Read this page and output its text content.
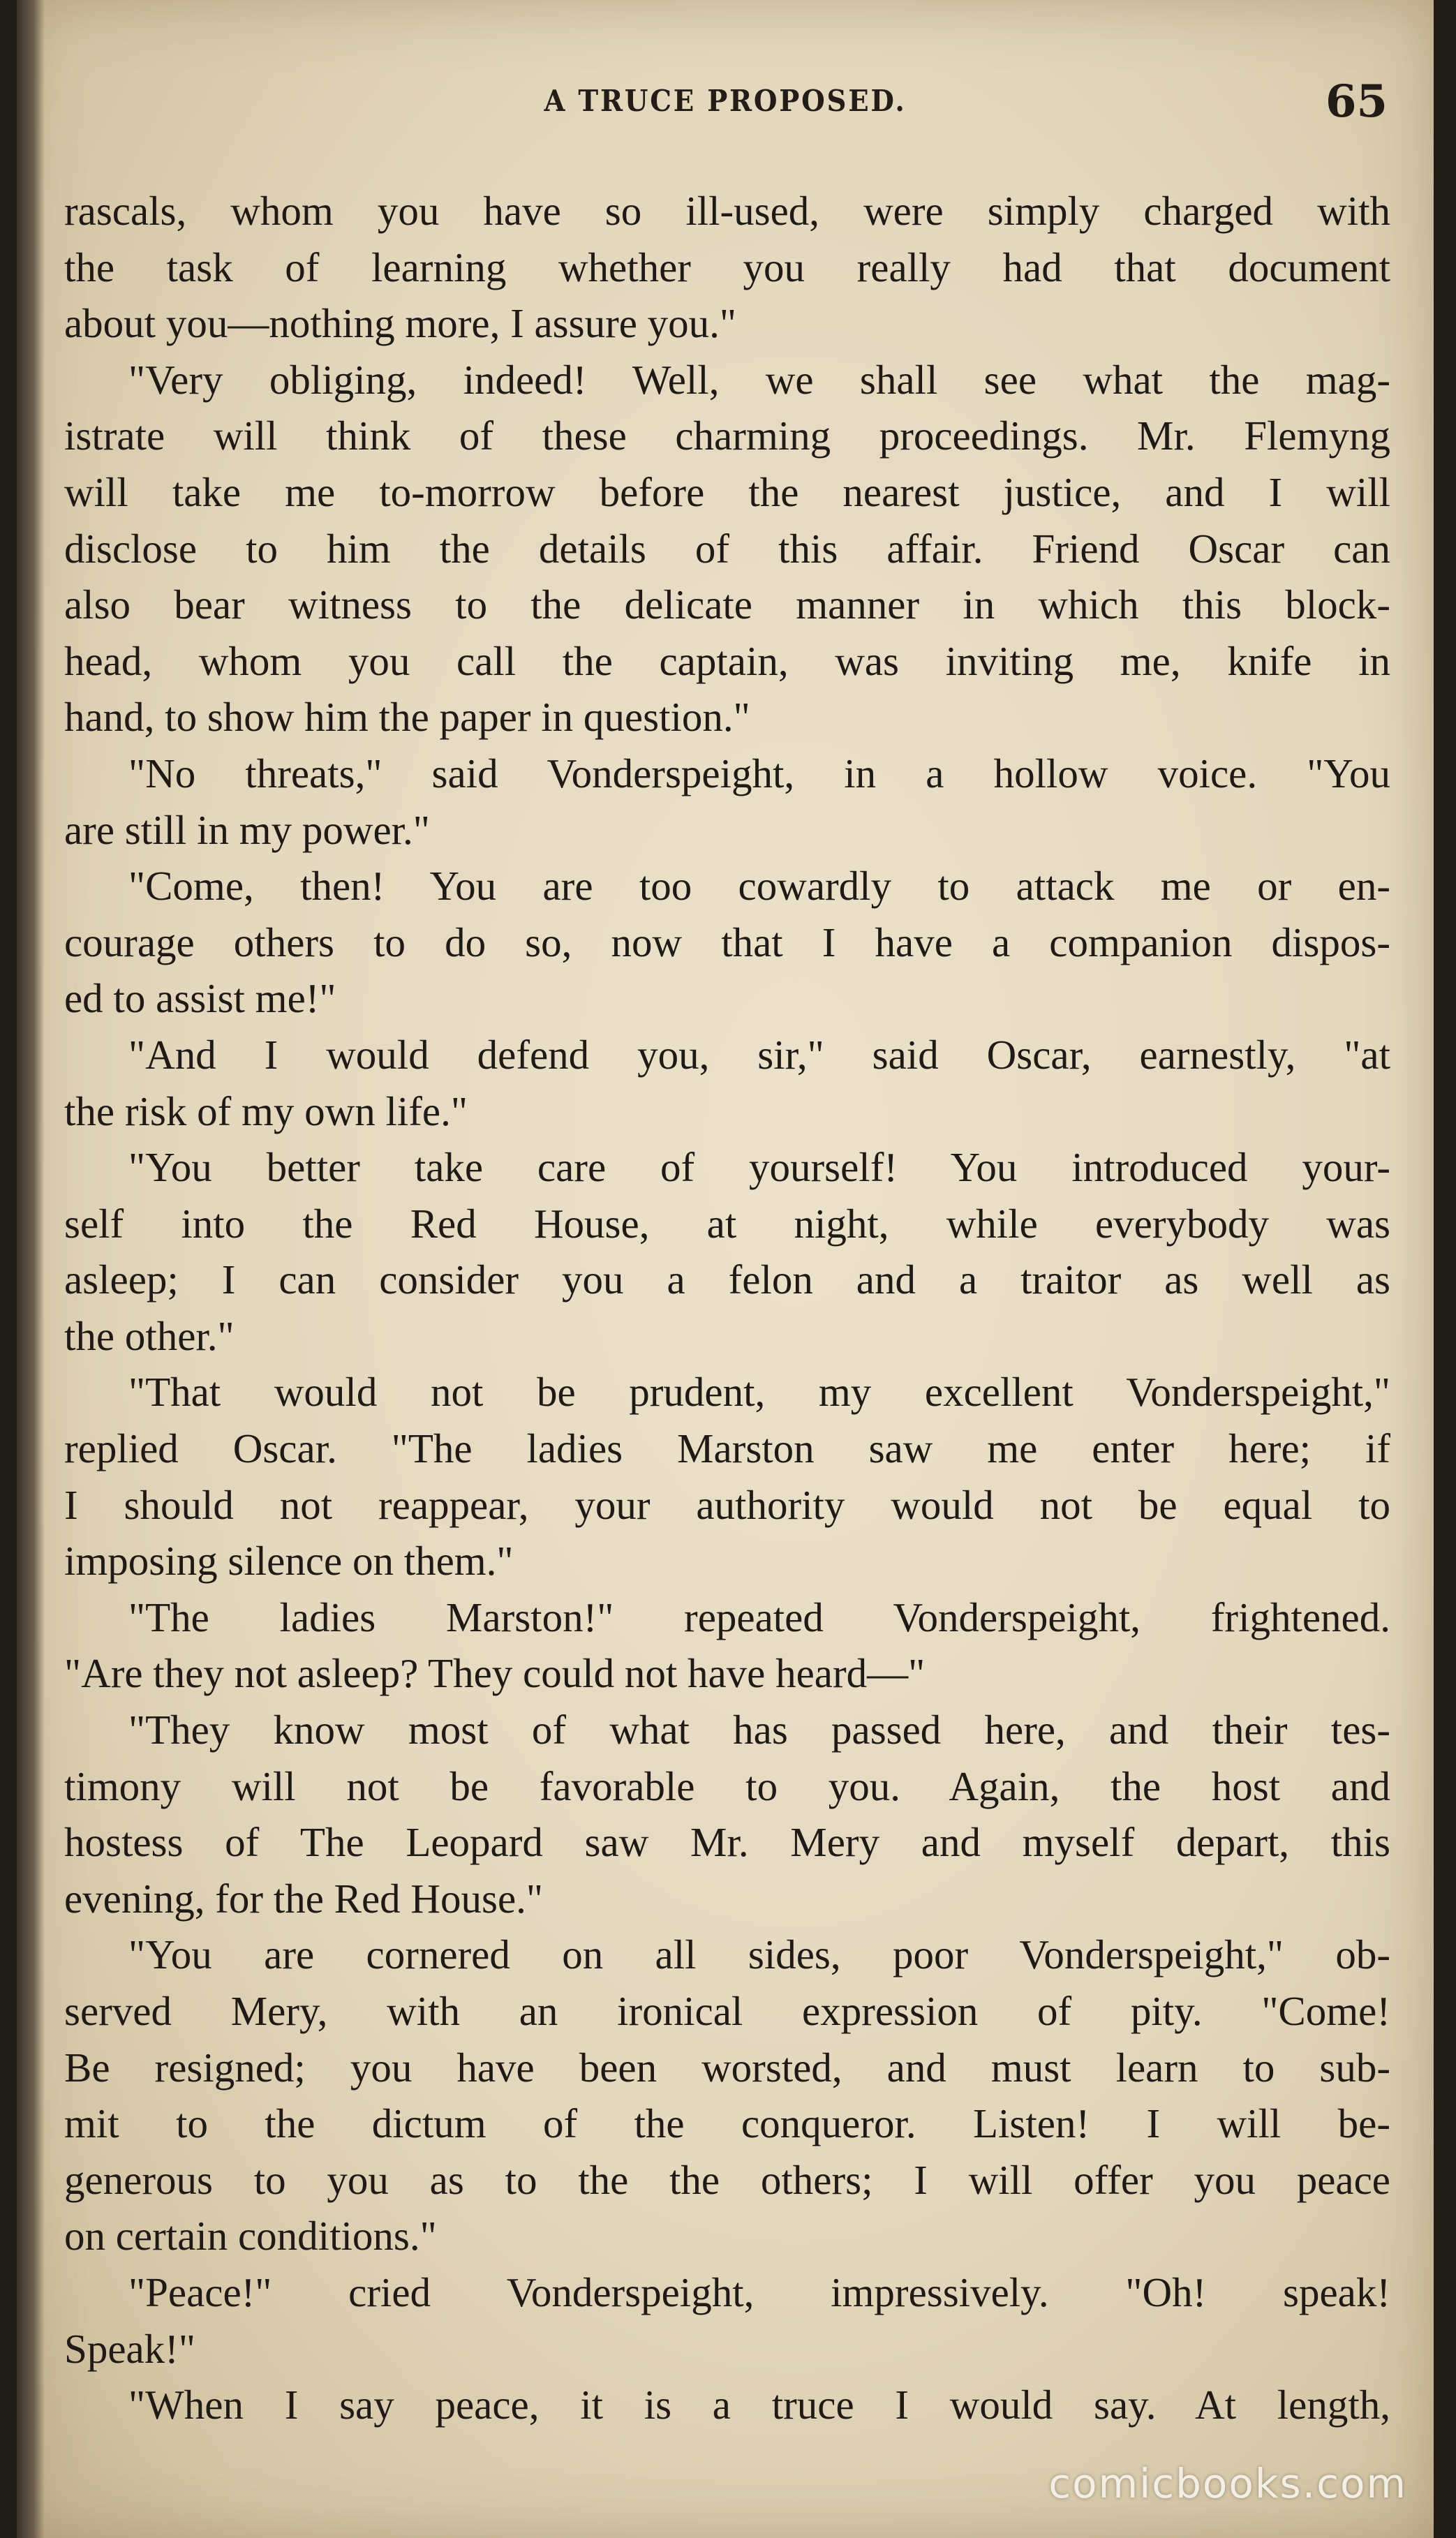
A TRUCE PROPOSED.	65
rascals, whom you have so ill-used, were simply charged with
the task of learning whether you really had that document
about you—nothing more, I assure you."
"Very obliging, indeed! Well, we shall see what the mag-
istrate will think of these charming proceedings. Mr. Flemyng
will take me to-morrow before the nearest justice, and I will
disclose to him the details of this affair. Friend Oscar can
also bear witness to the delicate manner in which this block-
head, whom you call the captain, was inviting me, knife in
hand, to show him the paper in question."
"No threats," said Vonderspeight, in a hollow voice. "You
are still in my power."
"Come, then! You are too cowardly to attack me or en-
courage others to do so, now that I have a companion dispos-
ed to assist me!"
"And I would defend you, sir," said Oscar, earnestly, "at
the risk of my own life."
"You better take care of yourself! You introduced your-
self into the Red House, at night, while everybody was
asleep; I can consider you a felon and a traitor as well as
the other."
"That would not be prudent, my excellent Vonderspeight,"
replied Oscar. "The ladies Marston saw me enter here; if
I should not reappear, your authority would not be equal to
imposing silence on them."
"The ladies Marston!" repeated Vonderspeight, frightened.
"Are they not asleep? They could not have heard—"
"They know most of what has passed here, and their tes-
timony will not be favorable to you. Again, the host and
hostess of The Leopard saw Mr. Mery and myself depart, this
evening, for the Red House."
"You are cornered on all sides, poor Vonderspeight," ob-
served Mery, with an ironical expression of pity. "Come!
Be resigned; you have been worsted, and must learn to sub-
mit to the dictum of the conqueror. Listen! I will be-
generous to you as to the the others; I will offer you peace
on certain conditions."
"Peace!" cried Vonderspeight, impressively. "Oh! speak!
Speak!"
"When I say peace, it is a truce I would say. At length,
comicbooks.com
